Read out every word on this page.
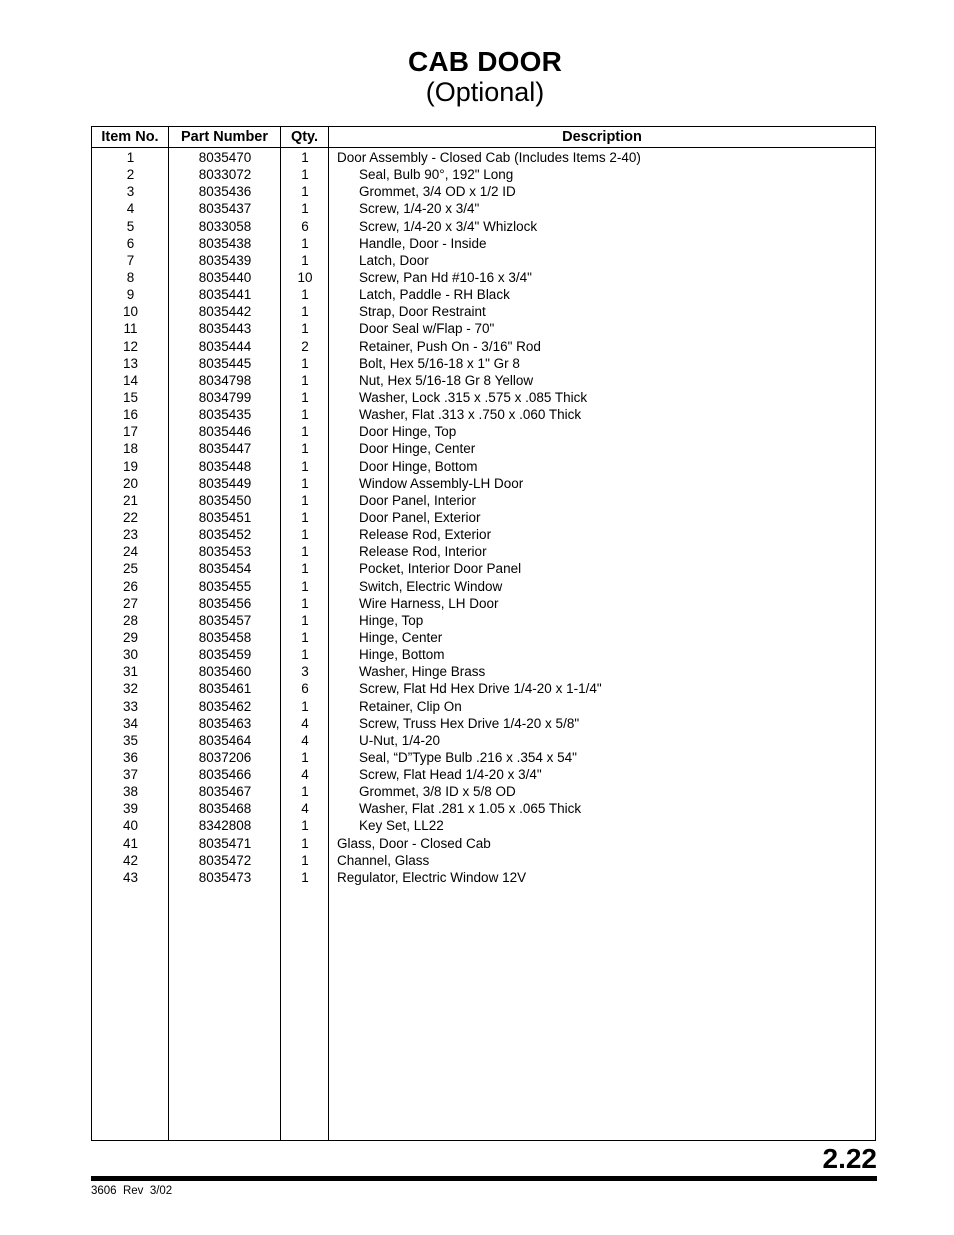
CAB DOOR
(Optional)
Item No.	Part Number	Qty.	Description
1	8035470	1	Door Assembly - Closed Cab (Includes Items 2-40)
2	8033072	1	Seal, Bulb 90°, 192" Long
3	8035436	1	Grommet, 3/4 OD x 1/2 ID
4	8035437	1	Screw, 1/4-20 x 3/4"
5	8033058	6	Screw, 1/4-20 x 3/4" Whizlock
6	8035438	1	Handle, Door - Inside
7	8035439	1	Latch, Door
8	8035440	10	Screw, Pan Hd #10-16 x 3/4"
9	8035441	1	Latch, Paddle - RH Black
10	8035442	1	Strap, Door Restraint
11	8035443	1	Door Seal w/Flap - 70"
12	8035444	2	Retainer, Push On - 3/16" Rod
13	8035445	1	Bolt, Hex 5/16-18 x 1" Gr 8
14	8034798	1	Nut, Hex 5/16-18 Gr 8 Yellow
15	8034799	1	Washer, Lock .315 x .575 x .085 Thick
16	8035435	1	Washer, Flat .313 x .750 x .060 Thick
17	8035446	1	Door Hinge, Top
18	8035447	1	Door Hinge, Center
19	8035448	1	Door Hinge, Bottom
20	8035449	1	Window Assembly-LH Door
21	8035450	1	Door Panel, Interior
22	8035451	1	Door Panel, Exterior
23	8035452	1	Release Rod, Exterior
24	8035453	1	Release Rod, Interior
25	8035454	1	Pocket, Interior Door Panel
26	8035455	1	Switch, Electric Window
27	8035456	1	Wire Harness, LH Door
28	8035457	1	Hinge, Top
29	8035458	1	Hinge, Center
30	8035459	1	Hinge, Bottom
31	8035460	3	Washer, Hinge Brass
32	8035461	6	Screw, Flat Hd Hex Drive 1/4-20 x 1-1/4"
33	8035462	1	Retainer, Clip On
34	8035463	4	Screw, Truss Hex Drive 1/4-20 x 5/8"
35	8035464	4	U-Nut, 1/4-20
36	8037206	1	Seal, “D”Type Bulb .216 x .354 x 54"
37	8035466	4	Screw, Flat Head 1/4-20 x 3/4"
38	8035467	1	Grommet, 3/8 ID x 5/8 OD
39	8035468	4	Washer, Flat .281 x 1.05 x .065 Thick
40	8342808	1	Key Set, LL22
41	8035471	1	Glass, Door - Closed Cab
42	8035472	1	Channel, Glass
43	8035473	1	Regulator, Electric Window 12V
2.22
3606  Rev  3/02
